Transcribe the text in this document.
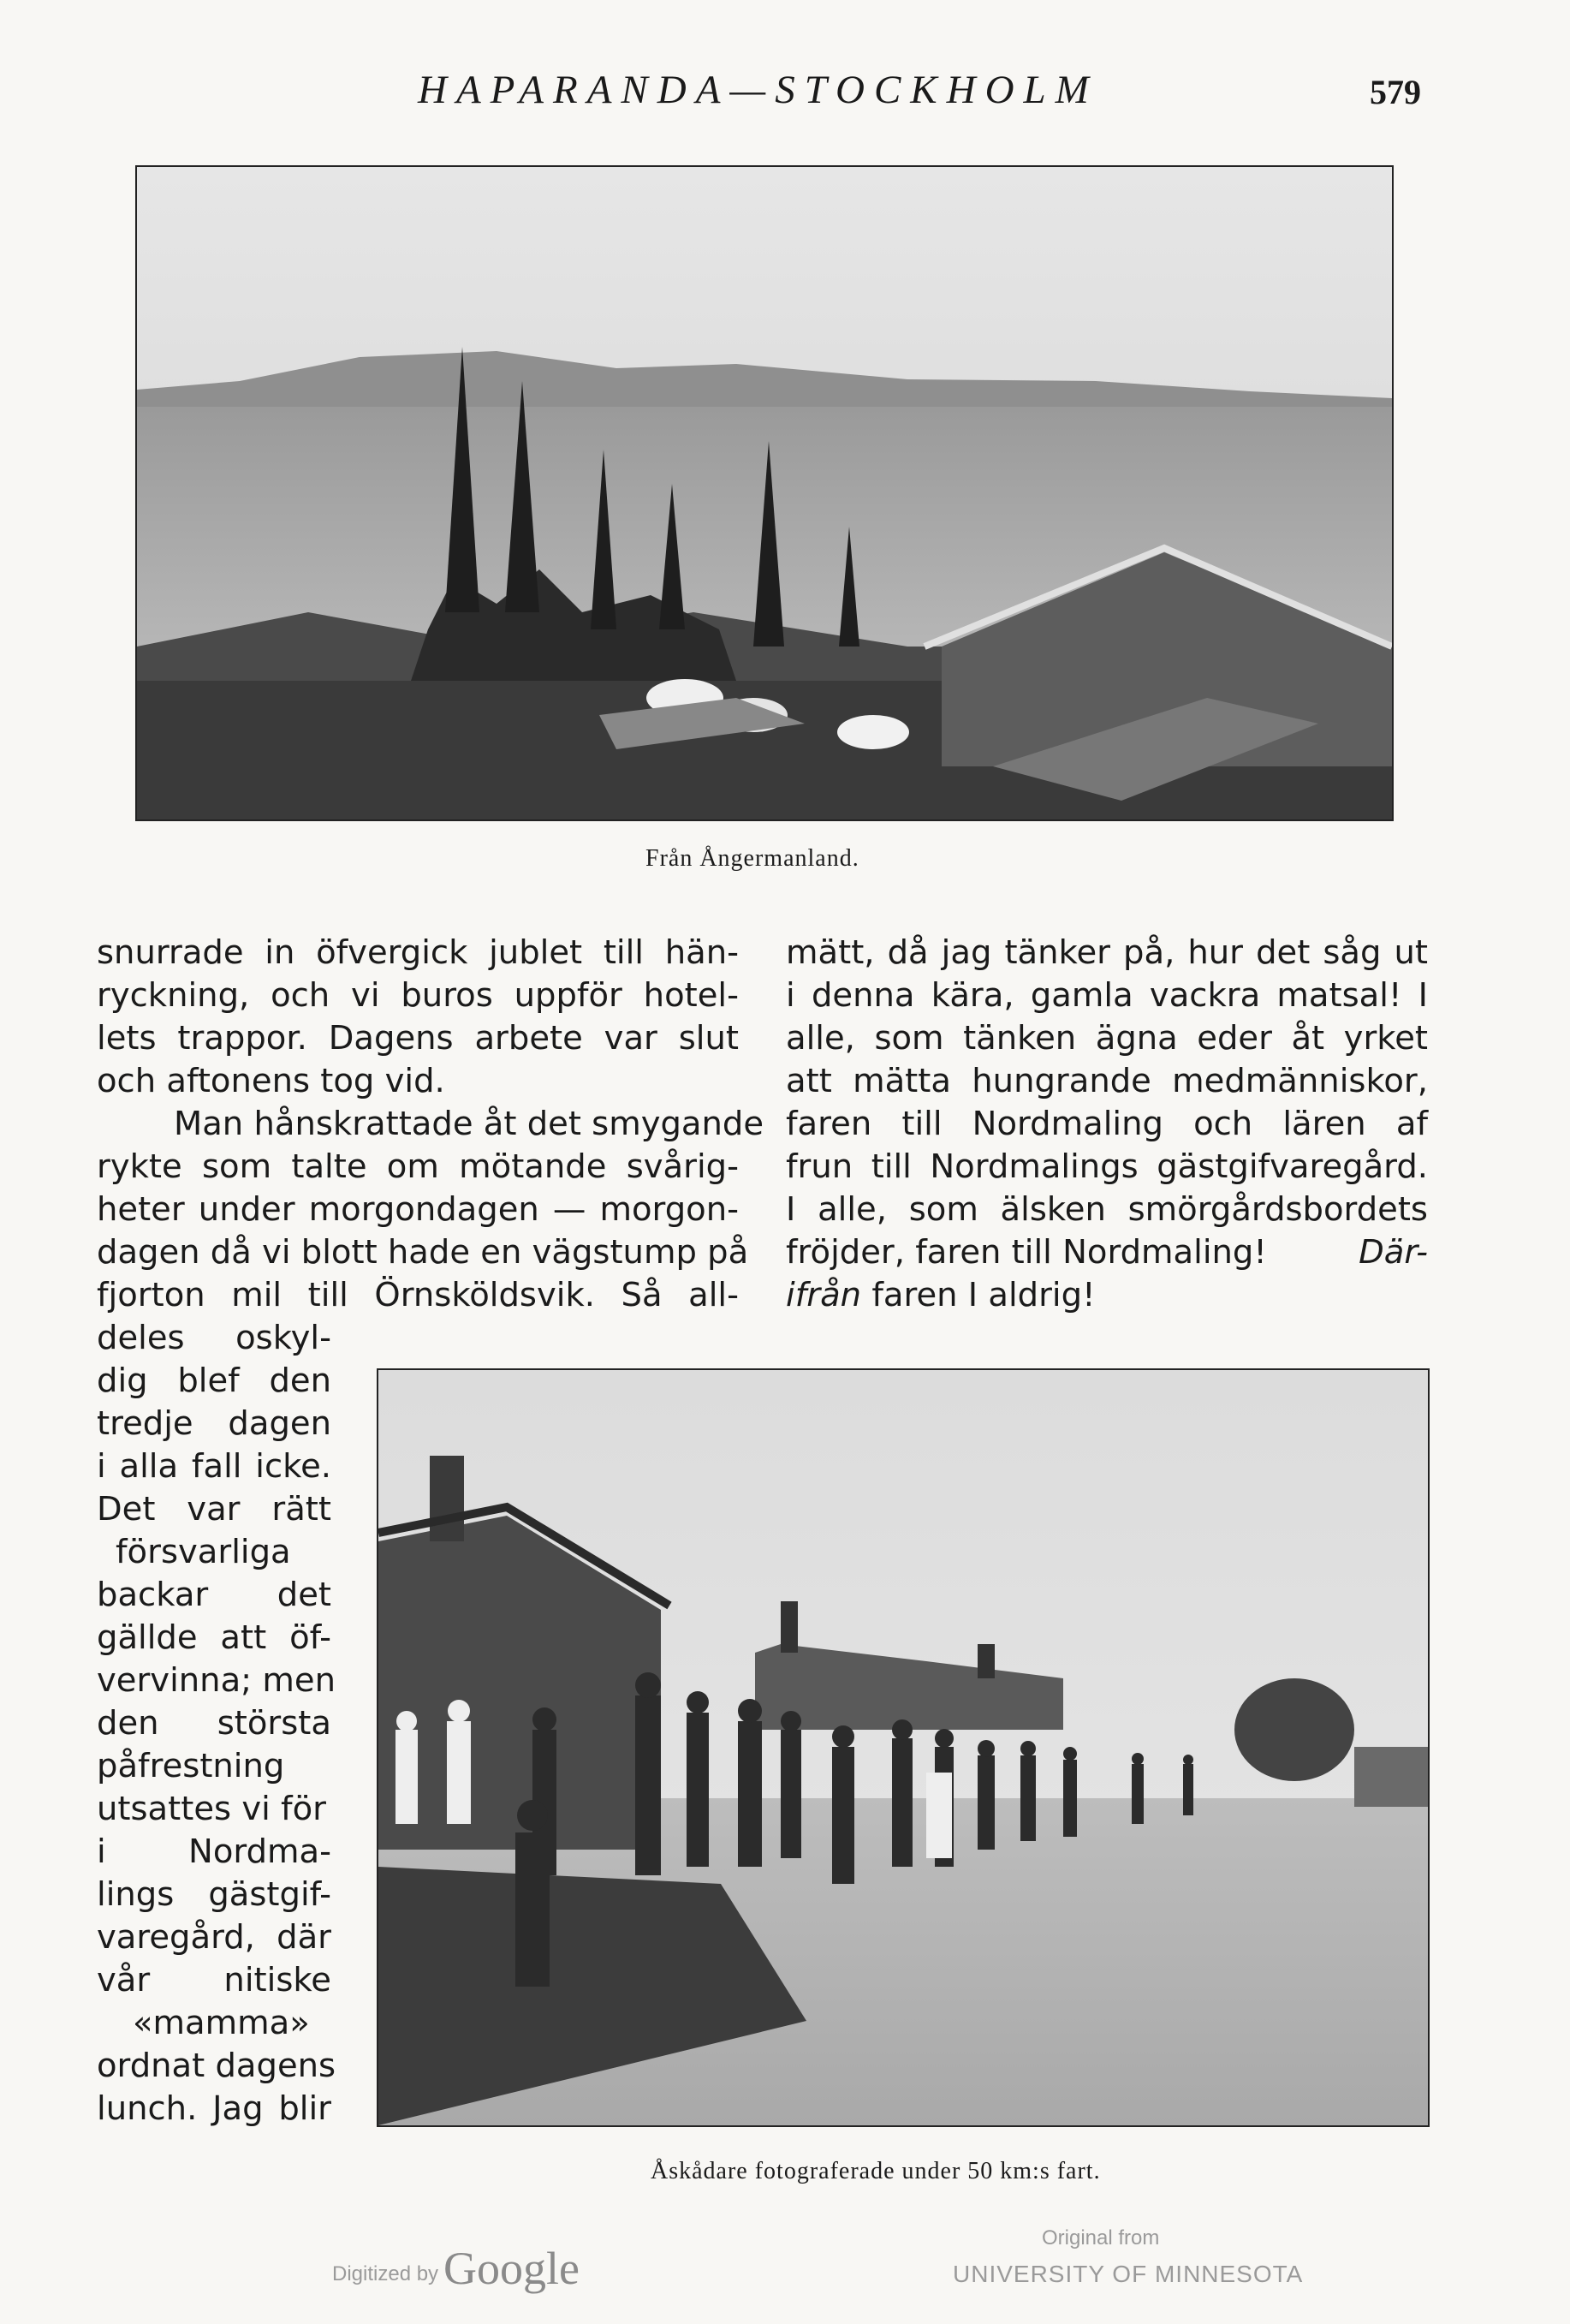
HAPARANDA—STOCKHOLM	579
Från Ångermanland.
snurrade in öfvergick jublet till hän-
ryckning, och vi buros uppför hotel-
lets trappor. Dagens arbete var slut
och aftonens tog vid.
Man hånskrattade åt det smygande
rykte som talte om mötande svårig-
heter under morgondagen — morgon-
dagen då vi blott hade en vägstump på
fjorton mil till Örnsköldsvik. Så all-
deles oskyl-
dig blef den
tredje dagen
i alla fall icke.
Det var rätt
försvarliga
backar det
gällde att öf-
vervinna; men
den största
påfrestning
utsattes vi för
i Nordma-
lings gästgif-
varegård, där
vår nitiske
«mamma»
ordnat dagens
lunch. Jag blir
mätt, då jag tänker på, hur det såg ut
i denna kära, gamla vackra matsal! I
alle, som tänken ägna eder åt yrket
att mätta hungrande medmänniskor,
faren till Nordmaling och lären af
frun till Nordmalings gästgifvaregård.
I alle, som älsken smörgårdsbordets
fröjder, faren till Nordmaling!	Där-
ifrån faren I aldrig!
Åskådare fotograferade under 50 km:s fart.
Digitized by Google
Original from
UNIVERSITY OF MINNESOTA
